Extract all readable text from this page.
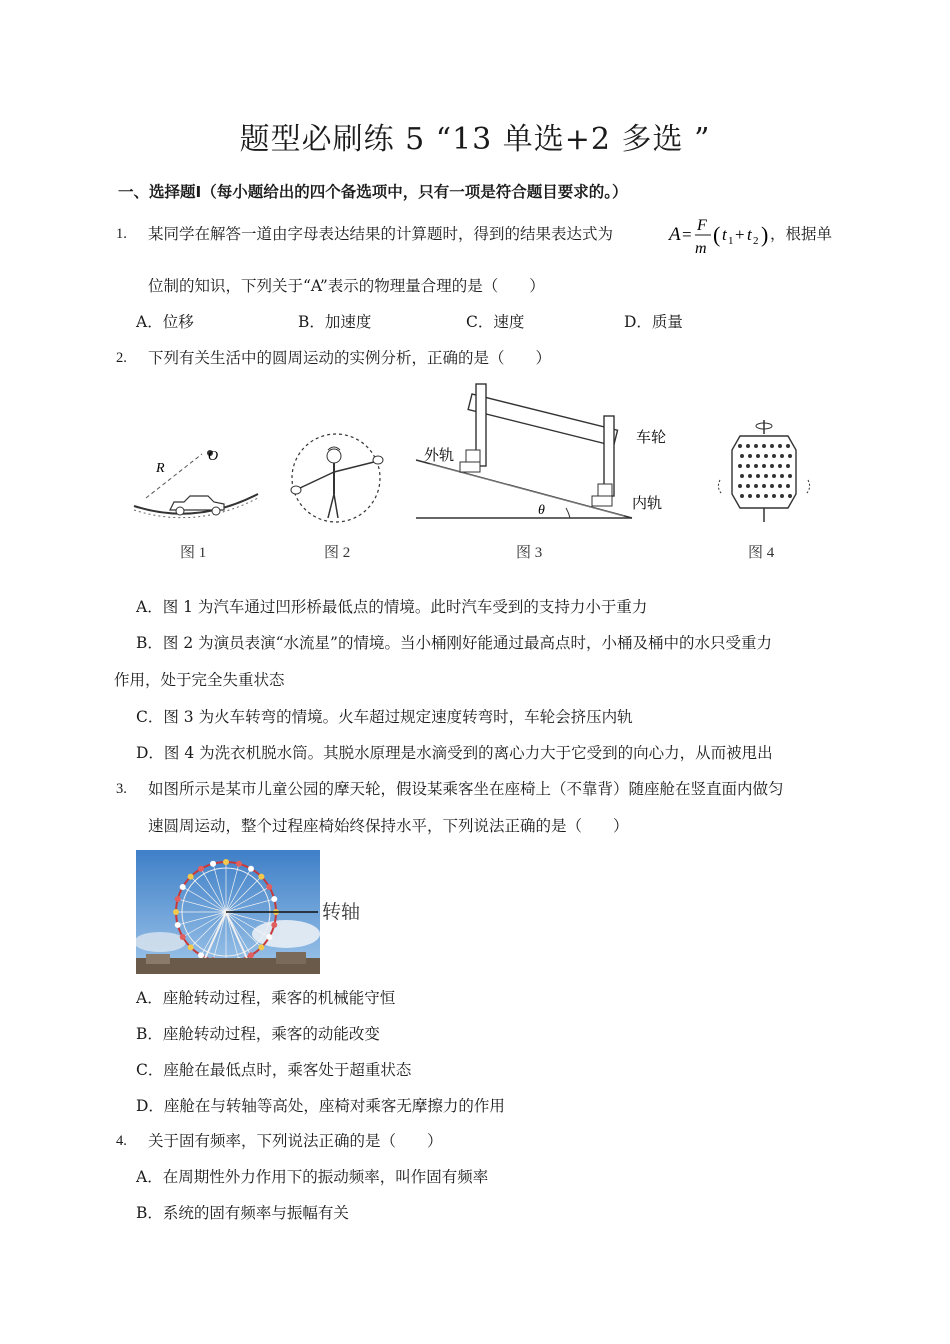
题型必刷练 5 “13 单选+2 多选 ”
一、选择题Ⅰ（每小题给出的四个备选项中，只有一项是符合题目要求的。）
1. 某同学在解答一道由字母表达结果的计算题时，得到的结果表达式为	A = F
m
( t 1 + t 2 ) ，根据单
位制的知识，下列关于“A”表示的物理量合理的是（　　）
A．位移	B．加速度	C．速度	D．质量
2. 下列有关生活中的圆周运动的实例分析，正确的是（　　）
R
O
图 1	图 2
θ
外轨
车轮
内轨
图 3	图 4
A．图 1 为汽车通过凹形桥最低点的情境。此时汽车受到的支持力小于重力
B．图 2 为演员表演“水流星”的情境。当小桶刚好能通过最高点时，小桶及桶中的水只受重力
作用，处于完全失重状态
C．图 3 为火车转弯的情境。火车超过规定速度转弯时，车轮会挤压内轨
D．图 4 为洗衣机脱水筒。其脱水原理是水滴受到的离心力大于它受到的向心力，从而被甩出
3. 如图所示是某市儿童公园的摩天轮，假设某乘客坐在座椅上（不靠背）随座舱在竖直面内做匀
速圆周运动，整个过程座椅始终保持水平，下列说法正确的是（　　）
转轴
A．座舱转动过程，乘客的机械能守恒
B．座舱转动过程，乘客的动能改变
C．座舱在最低点时，乘客处于超重状态
D．座舱在与转轴等高处，座椅对乘客无摩擦力的作用
4. 关于固有频率，下列说法正确的是（　　）
A．在周期性外力作用下的振动频率，叫作固有频率
B．系统的固有频率与振幅有关
